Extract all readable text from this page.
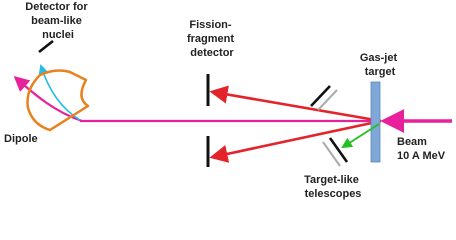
Detector for beam-like nuclei
Fission- fragment detector	Gas-jet target
Dipole	Beam 10 A MeV
Target-like telescopes
